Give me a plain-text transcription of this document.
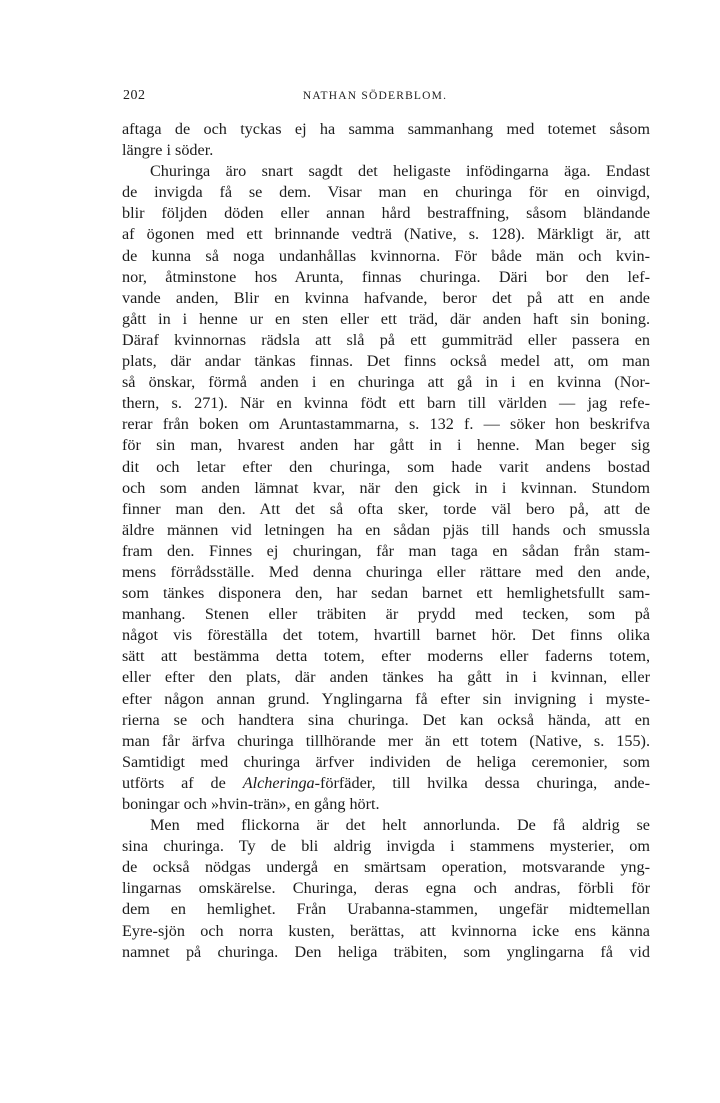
202	NATHAN SÖDERBLOM.
aftaga de och tyckas ej ha samma sammanhang med totemet såsom
längre i söder.
Churinga äro snart sagdt det heligaste infödingarna äga. Endast
de invigda få se dem. Visar man en churinga för en oinvigd,
blir följden döden eller annan hård bestraffning, såsom bländande
af ögonen med ett brinnande vedträ (Native, s. 128). Märkligt är, att
de kunna så noga undanhållas kvinnorna. För både män och kvin-
nor, åtminstone hos Arunta, finnas churinga. Däri bor den lef-
vande anden, Blir en kvinna hafvande, beror det på att en ande
gått in i henne ur en sten eller ett träd, där anden haft sin boning.
Däraf kvinnornas rädsla att slå på ett gummiträd eller passera en
plats, där andar tänkas finnas. Det finns också medel att, om man
så önskar, förmå anden i en churinga att gå in i en kvinna (Nor-
thern, s. 271). När en kvinna födt ett barn till världen — jag refe-
rerar från boken om Aruntastammarna, s. 132 f. — söker hon beskrifva
för sin man, hvarest anden har gått in i henne. Man beger sig
dit och letar efter den churinga, som hade varit andens bostad
och som anden lämnat kvar, när den gick in i kvinnan. Stundom
finner man den. Att det så ofta sker, torde väl bero på, att de
äldre männen vid letningen ha en sådan pjäs till hands och smussla
fram den. Finnes ej churingan, får man taga en sådan från stam-
mens förrådsställe. Med denna churinga eller rättare med den ande,
som tänkes disponera den, har sedan barnet ett hemlighetsfullt sam-
manhang. Stenen eller träbiten är prydd med tecken, som på
något vis föreställa det totem, hvartill barnet hör. Det finns olika
sätt att bestämma detta totem, efter moderns eller faderns totem,
eller efter den plats, där anden tänkes ha gått in i kvinnan, eller
efter någon annan grund. Ynglingarna få efter sin invigning i myste-
rierna se och handtera sina churinga. Det kan också hända, att en
man får ärfva churinga tillhörande mer än ett totem (Native, s. 155).
Samtidigt med churinga ärfver individen de heliga ceremonier, som
utförts af de Alcheringa-förfäder, till hvilka dessa churinga, ande-
boningar och »hvin-trän», en gång hört.
Men med flickorna är det helt annorlunda. De få aldrig se
sina churinga. Ty de bli aldrig invigda i stammens mysterier, om
de också nödgas undergå en smärtsam operation, motsvarande yng-
lingarnas omskärelse. Churinga, deras egna och andras, förbli för
dem en hemlighet. Från Urabanna-stammen, ungefär midtemellan
Eyre-sjön och norra kusten, berättas, att kvinnorna icke ens känna
namnet på churinga. Den heliga träbiten, som ynglingarna få vid
